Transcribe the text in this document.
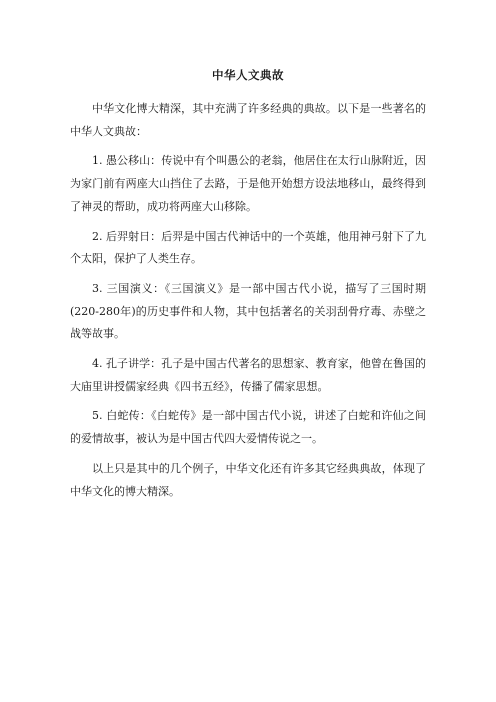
中华人文典故

中华文化博大精深，其中充满了许多经典的典故。以下是一些著名的中华人文典故：

1. 愚公移山：传说中有个叫愚公的老翁，他居住在太行山脉附近，因为家门前有两座大山挡住了去路，于是他开始想方设法地移山，最终得到了神灵的帮助，成功将两座大山移除。

2. 后羿射日：后羿是中国古代神话中的一个英雄，他用神弓射下了九个太阳，保护了人类生存。

3. 三国演义：《三国演义》是一部中国古代小说，描写了三国时期(220-280年)的历史事件和人物，其中包括著名的关羽刮骨疗毒、赤壁之战等故事。

4. 孔子讲学：孔子是中国古代著名的思想家、教育家，他曾在鲁国的大庙里讲授儒家经典《四书五经》，传播了儒家思想。

5. 白蛇传：《白蛇传》是一部中国古代小说，讲述了白蛇和许仙之间的爱情故事，被认为是中国古代四大爱情传说之一。

以上只是其中的几个例子，中华文化还有许多其它经典典故，体现了中华文化的博大精深。
